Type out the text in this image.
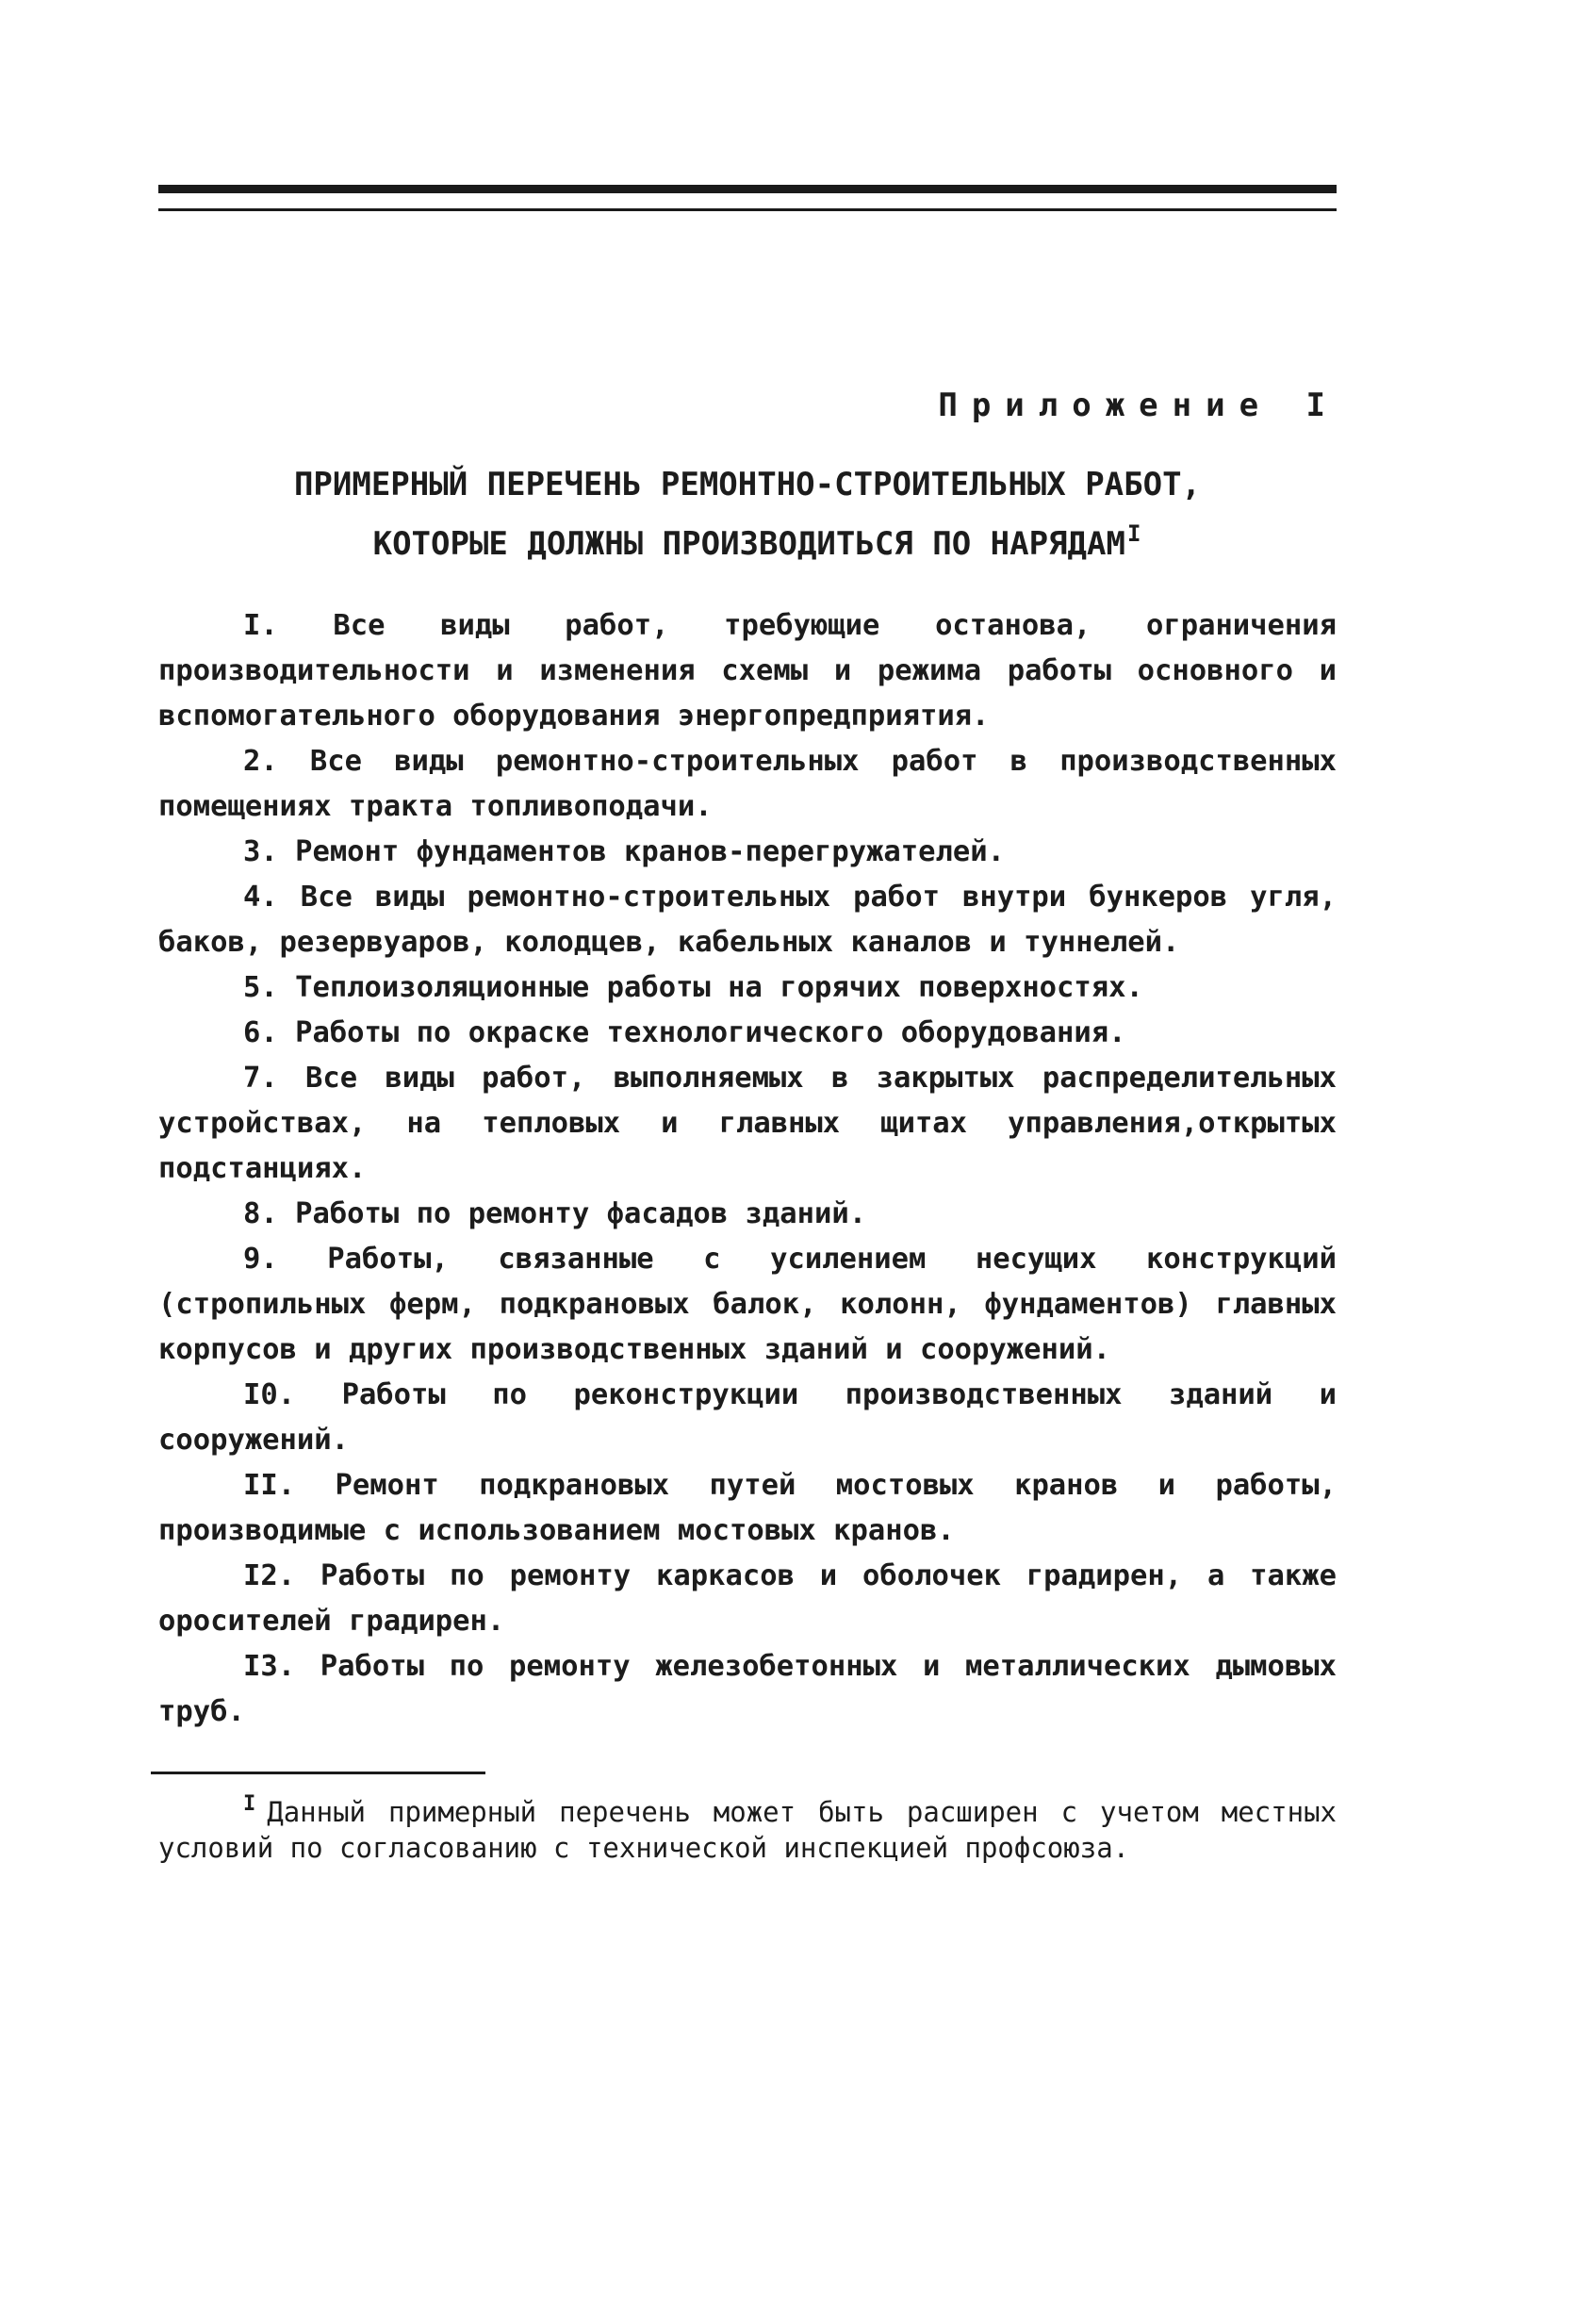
Приложение I
ПРИМЕРНЫЙ ПЕРЕЧЕНЬ РЕМОНТНО-СТРОИТЕЛЬНЫХ РАБОТ,
КОТОРЫЕ ДОЛЖНЫ ПРОИЗВОДИТЬСЯ ПО $НАРЯДАМ^I$
I. Все виды работ, требующие останова, ограничения производительности и изменения схемы и режима работы основного и вспомогательного оборудования энергопредприятия.
2. Все виды ремонтно-строительных работ в производственных помещениях тракта топливоподачи.
3. Ремонт фундаментов кранов-перегружателей.
4. Все виды ремонтно-строительных работ внутри бункеров угля, баков, резервуаров, колодцев, кабельных каналов и туннелей.
5. Теплоизоляционные работы на горячих поверхностях.
6. Работы по окраске технологического оборудования.
7. Все виды работ, выполняемых в закрытых распределительных устройствах, на тепловых и главных щитах управления,открытых подстанциях.
8. Работы по ремонту фасадов зданий.
9. Работы, связанные с усилением несущих конструкций (стропильных ферм, подкрановых балок, колонн, фундаментов) главных корпусов и других производственных зданий и сооружений.
I0. Работы по реконструкции производственных зданий и сооружений.
II. Ремонт подкрановых путей мостовых кранов и работы, производимые с использованием мостовых кранов.
I2. Работы по ремонту каркасов и оболочек градирен, а также оросителей градирен.
I3. Работы по ремонту железобетонных и металлических дымовых труб.

$^I$ Данный примерный перечень может быть расширен с учетом местных условий по согласованию с технической инспекцией профсоюза.
